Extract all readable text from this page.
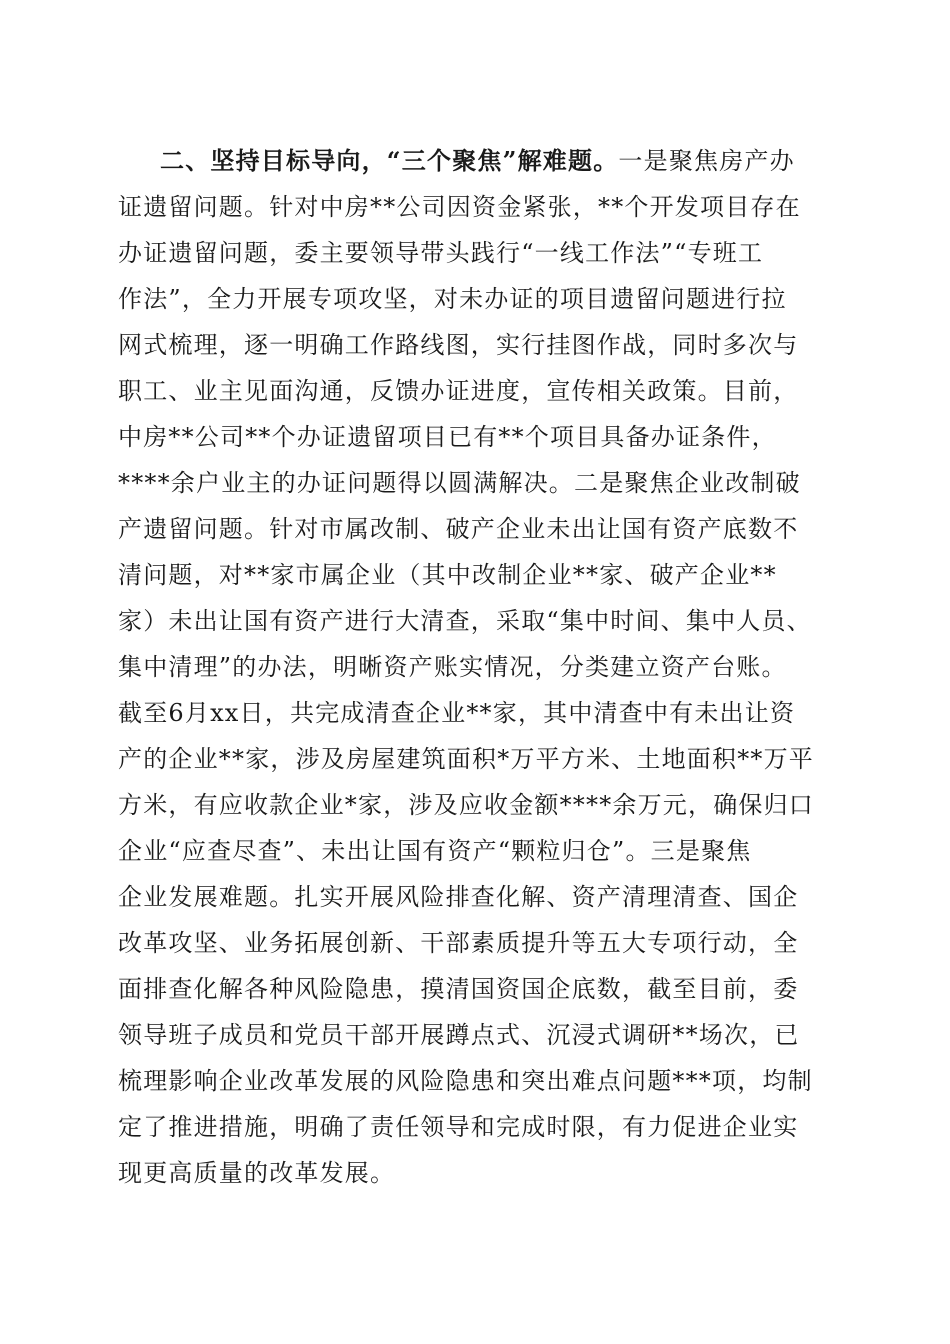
二、坚持目标导向，“三个聚焦”解难题。一是聚焦房产办
证遗留问题。针对中房**公司因资金紧张，**个开发项目存在
办证遗留问题，委主要领导带头践行“一线工作法”“专班工
作法”，全力开展专项攻坚，对未办证的项目遗留问题进行拉
网式梳理，逐一明确工作路线图，实行挂图作战，同时多次与
职工、业主见面沟通，反馈办证进度，宣传相关政策。目前，
中房**公司**个办证遗留项目已有**个项目具备办证条件，
****余户业主的办证问题得以圆满解决。二是聚焦企业改制破
产遗留问题。针对市属改制、破产企业未出让国有资产底数不
清问题，对**家市属企业（其中改制企业**家、破产企业**
家）未出让国有资产进行大清查，采取“集中时间、集中人员、
集中清理”的办法，明晰资产账实情况，分类建立资产台账。
截至6月xx日，共完成清查企业**家，其中清查中有未出让资
产的企业**家，涉及房屋建筑面积*万平方米、土地面积**万平
方米，有应收款企业*家，涉及应收金额****余万元，确保归口
企业“应查尽查”、未出让国有资产“颗粒归仓”。三是聚焦
企业发展难题。扎实开展风险排查化解、资产清理清查、国企
改革攻坚、业务拓展创新、干部素质提升等五大专项行动，全
面排查化解各种风险隐患，摸清国资国企底数，截至目前，委
领导班子成员和党员干部开展蹲点式、沉浸式调研**场次，已
梳理影响企业改革发展的风险隐患和突出难点问题***项，均制
定了推进措施，明确了责任领导和完成时限，有力促进企业实
现更高质量的改革发展。
